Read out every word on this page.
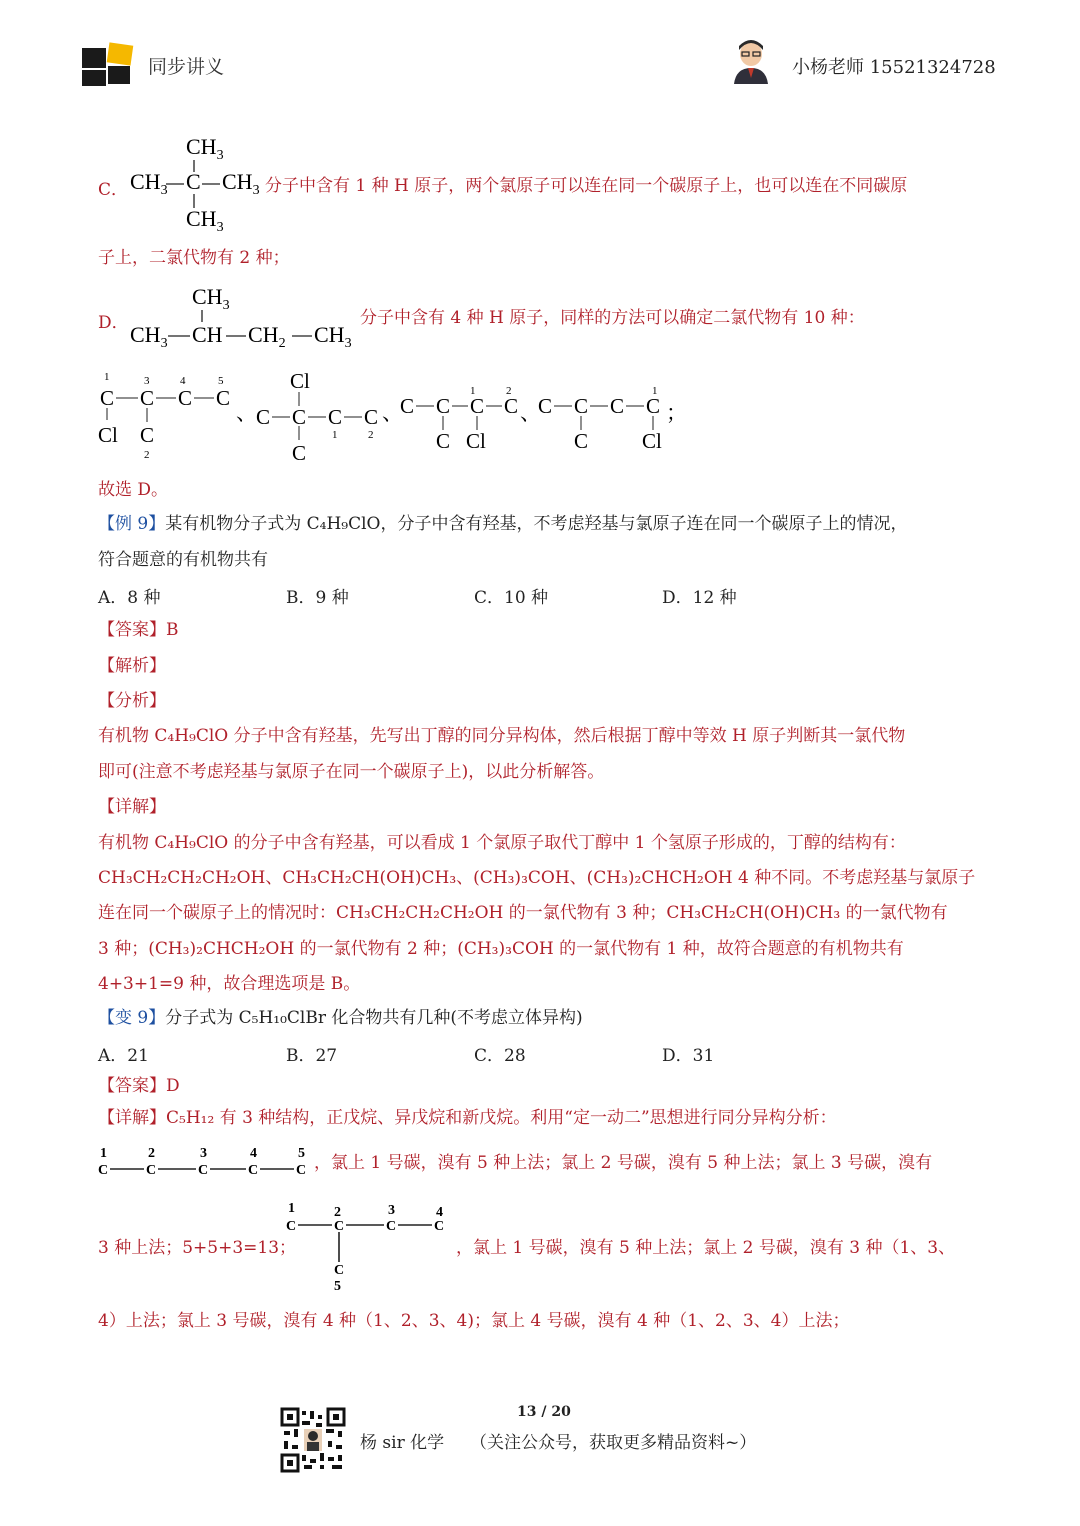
同步讲义	小杨老师 15521324728
C．
$CH_3$
$CH_3$ C $CH_3$
$CH_3$
分子中含有 1 种 H 原子，两个氯原子可以连在同一个碳原子上，也可以连在不同碳原
子上，二氯代物有 2 种；
D．
$CH_3$
$CH_3$ CH $CH_2$ $CH_3$
分子中含有 4 种 H 原子，同样的方法可以确定二氯代物有 10 种：
1	3	4	5
C C C C
Cl C
2
、
Cl
C C C C
1	2
C
、
1	2
C C C C
C Cl
、
1
C C C C
C	Cl
；
故选 D。
【例 9】某有机物分子式为 C₄H₉ClO，分子中含有羟基，不考虑羟基与氯原子连在同一个碳原子上的情况，
符合题意的有机物共有
A．8 种	B．9 种	C．10 种	D．12 种
【答案】B
【解析】
【分析】
有机物 C₄H₉ClO 分子中含有羟基，先写出丁醇的同分异构体，然后根据丁醇中等效 H 原子判断其一氯代物
即可(注意不考虑羟基与氯原子在同一个碳原子上)，以此分析解答。
【详解】
有机物 C₄H₉ClO 的分子中含有羟基，可以看成 1 个氯原子取代丁醇中 1 个氢原子形成的，丁醇的结构有：
CH₃CH₂CH₂CH₂OH、CH₃CH₂CH(OH)CH₃、(CH₃)₃COH、(CH₃)₂CHCH₂OH 4 种不同。不考虑羟基与氯原子
连在同一个碳原子上的情况时：CH₃CH₂CH₂CH₂OH 的一氯代物有 3 种；CH₃CH₂CH(OH)CH₃ 的一氯代物有
3 种；(CH₃)₂CHCH₂OH 的一氯代物有 2 种；(CH₃)₃COH 的一氯代物有 1 种，故符合题意的有机物共有
4+3+1=9 种，故合理选项是 B。
【变 9】分子式为 C₅H₁₀ClBr 化合物共有几种(不考虑立体异构)
A．21	B．27	C．28	D．31
【答案】D
【详解】C₅H₁₂ 有 3 种结构，正戊烷、异戊烷和新戊烷。利用“定一动二”思想进行同分异构分析：
1	2	3	4	5
C	C	C	C	C ，氯上 1 号碳，溴有 5 种上法；氯上 2 号碳，溴有 5 种上法；氯上 3 号碳，溴有
3 种上法；5+5+3=13；
1	2	3	4
C	C	C	C
C
5
，氯上 1 号碳，溴有 5 种上法；氯上 2 号碳，溴有 3 种（1、3、
4）上法；氯上 3 号碳，溴有 4 种（1、2、3、4)；氯上 4 号碳，溴有 4 种（1、2、3、4）上法；
13 / 20
杨 sir 化学 （关注公众号，获取更多精品资料~）
